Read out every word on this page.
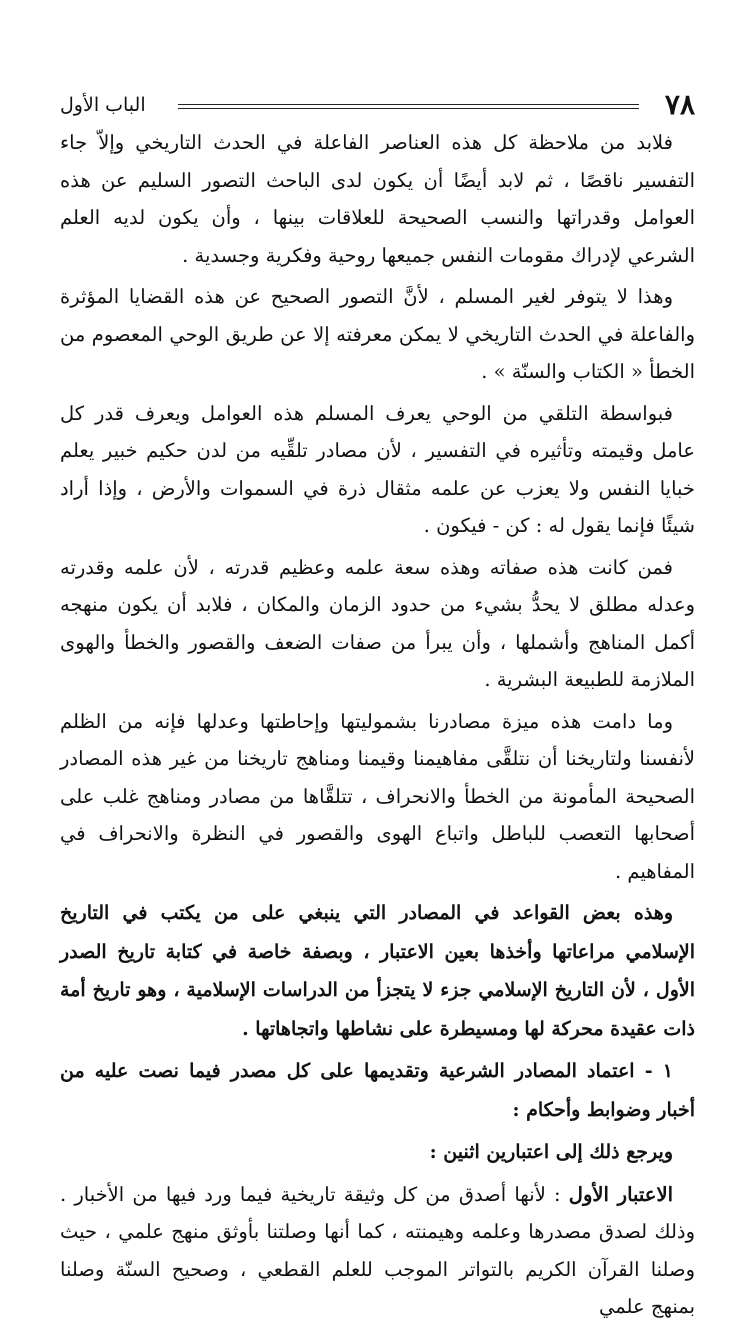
٧٨
الباب الأول

فلابد من ملاحظة كل هذه العناصر الفاعلة في الحدث التاريخي وإلاّ جاء التفسير ناقصًا ، ثم لابد أيضًا أن يكون لدى الباحث التصور السليم عن هذه العوامل وقدراتها والنسب الصحيحة للعلاقات بينها ، وأن يكون لديه العلم الشرعي لإدراك مقومات النفس جميعها روحية وفكرية وجسدية .

وهذا لا يتوفر لغير المسلم ، لأنَّ التصور الصحيح عن هذه القضايا المؤثرة والفاعلة في الحدث التاريخي لا يمكن معرفته إلا عن طريق الوحي المعصوم من الخطأ « الكتاب والسنّة » .

فبواسطة التلقي من الوحي يعرف المسلم هذه العوامل ويعرف قدر كل عامل وقيمته وتأثيره في التفسير ، لأن مصادر تلقِّيه من لدن حكيم خبير يعلم خبايا النفس ولا يعزب عن علمه مثقال ذرة في السموات والأرض ، وإذا أراد شيئًا فإنما يقول له : كن - فيكون .

فمن كانت هذه صفاته وهذه سعة علمه وعظيم قدرته ، لأن علمه وقدرته وعدله مطلق لا يحدُّ بشيء من حدود الزمان والمكان ، فلابد أن يكون منهجه أكمل المناهج وأشملها ، وأن يبرأ من صفات الضعف والقصور والخطأ والهوى الملازمة للطبيعة البشرية .

وما دامت هذه ميزة مصادرنا بشموليتها وإحاطتها وعدلها فإنه من الظلم لأنفسنا ولتاريخنا أن نتلقَّى مفاهيمنا وقيمنا ومناهج تاريخنا من غير هذه المصادر الصحيحة المأمونة من الخطأ والانحراف ، تتلقَّاها من مصادر ومناهج غلب على أصحابها التعصب للباطل واتباع الهوى والقصور في النظرة والانحراف في المفاهيم .

وهذه بعض القواعد في المصادر التي ينبغي على من يكتب في التاريخ الإسلامي مراعاتها وأخذها بعين الاعتبار ، وبصفة خاصة في كتابة تاريخ الصدر الأول ، لأن التاريخ الإسلامي جزء لا يتجزأ من الدراسات الإسلامية ، وهو تاريخ أمة ذات عقيدة محركة لها ومسيطرة على نشاطها واتجاهاتها .

١ - اعتماد المصادر الشرعية وتقديمها على كل مصدر فيما نصت عليه من أخبار وضوابط وأحكام :

ويرجع ذلك إلى اعتبارين اثنين :

الاعتبار الأول : لأنها أصدق من كل وثيقة تاريخية فيما ورد فيها من الأخبار . وذلك لصدق مصدرها وعلمه وهيمنته ، كما أنها وصلتنا بأوثق منهج علمي ، حيث وصلنا القرآن الكريم بالتواتر الموجب للعلم القطعي ، وصحيح السنّة وصلنا بمنهج علمي
